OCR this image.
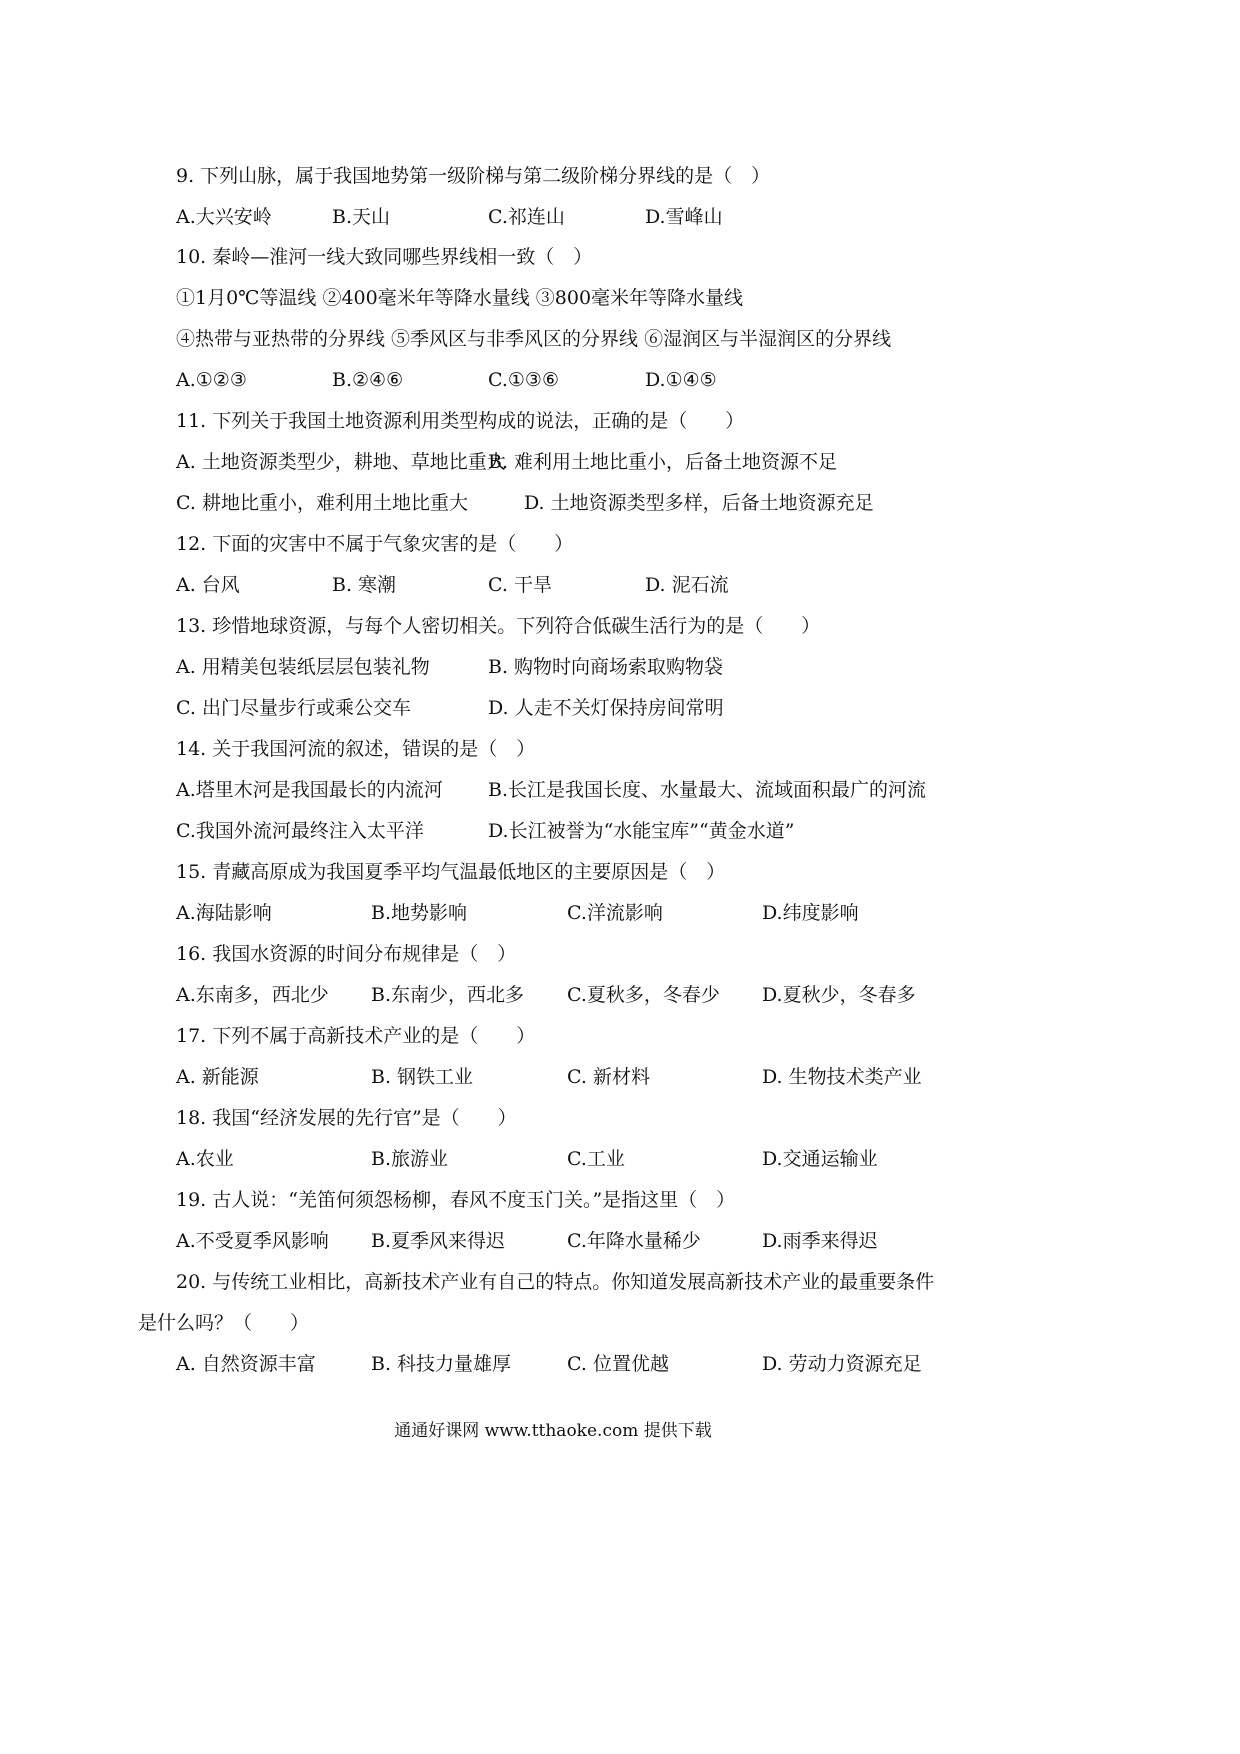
9. 下列山脉，属于我国地势第一级阶梯与第二级阶梯分界线的是（　）

A.大兴安岭

	B.天山

	C.祁连山

	D.雪峰山

10. 秦岭—淮河一线大致同哪些界线相一致（　）
①1月0℃等温线 ②400毫米年等降水量线 ③800毫米年等降水量线
④热带与亚热带的分界线 ⑤季风区与非季风区的分界线 ⑥湿润区与半湿润区的分界线

A.①②③

	B.②④⑥

	C.①③⑥

	D.①④⑤

11. 下列关于我国土地资源利用类型构成的说法，正确的是（　　）

A. 土地资源类型少，耕地、草地比重大

B. 难利用土地比重小，后备土地资源不足

C. 耕地比重小，难利用土地比重大

	D. 土地资源类型多样，后备土地资源充足

12. 下面的灾害中不属于气象灾害的是（　　）

A. 台风

	B. 寒潮

	C. 干旱

	D. 泥石流

13. 珍惜地球资源，与每个人密切相关。下列符合低碳生活行为的是（　　）

A. 用精美包装纸层层包装礼物

	B. 购物时向商场索取购物袋

C. 出门尽量步行或乘公交车

	D. 人走不关灯保持房间常明

14. 关于我国河流的叙述，错误的是（　）

A.塔里木河是我国最长的内流河

B.长江是我国长度、水量最大、流域面积最广的河流

C.我国外流河最终注入太平洋

	D.长江被誉为“水能宝库”“黄金水道”

15. 青藏高原成为我国夏季平均气温最低地区的主要原因是（　）

A.海陆影响

	B.地势影响

	C.洋流影响

	D.纬度影响

16. 我国水资源的时间分布规律是（　）

A.东南多，西北少

B.东南少，西北多

C.夏秋多，冬春少

D.夏秋少，冬春多

17. 下列不属于高新技术产业的是（　　）

A. 新能源

	B. 钢铁工业

	C. 新材料

	D. 生物技术类产业

18. 我国“经济发展的先行官”是（　　）

A.农业

	B.旅游业

	C.工业

	D.交通运输业

19. 古人说：“羌笛何须怨杨柳，春风不度玉门关。”是指这里（　）

A.不受夏季风影响

B.夏季风来得迟

	C.年降水量稀少

	D.雨季来得迟

20. 与传统工业相比，高新技术产业有自己的特点。你知道发展高新技术产业的最重要条件
是什么吗？（　　）

A. 自然资源丰富

	B. 科技力量雄厚

	C. 位置优越

	D. 劳动力资源充足

通通好课网 www.tthaoke.com 提供下载
